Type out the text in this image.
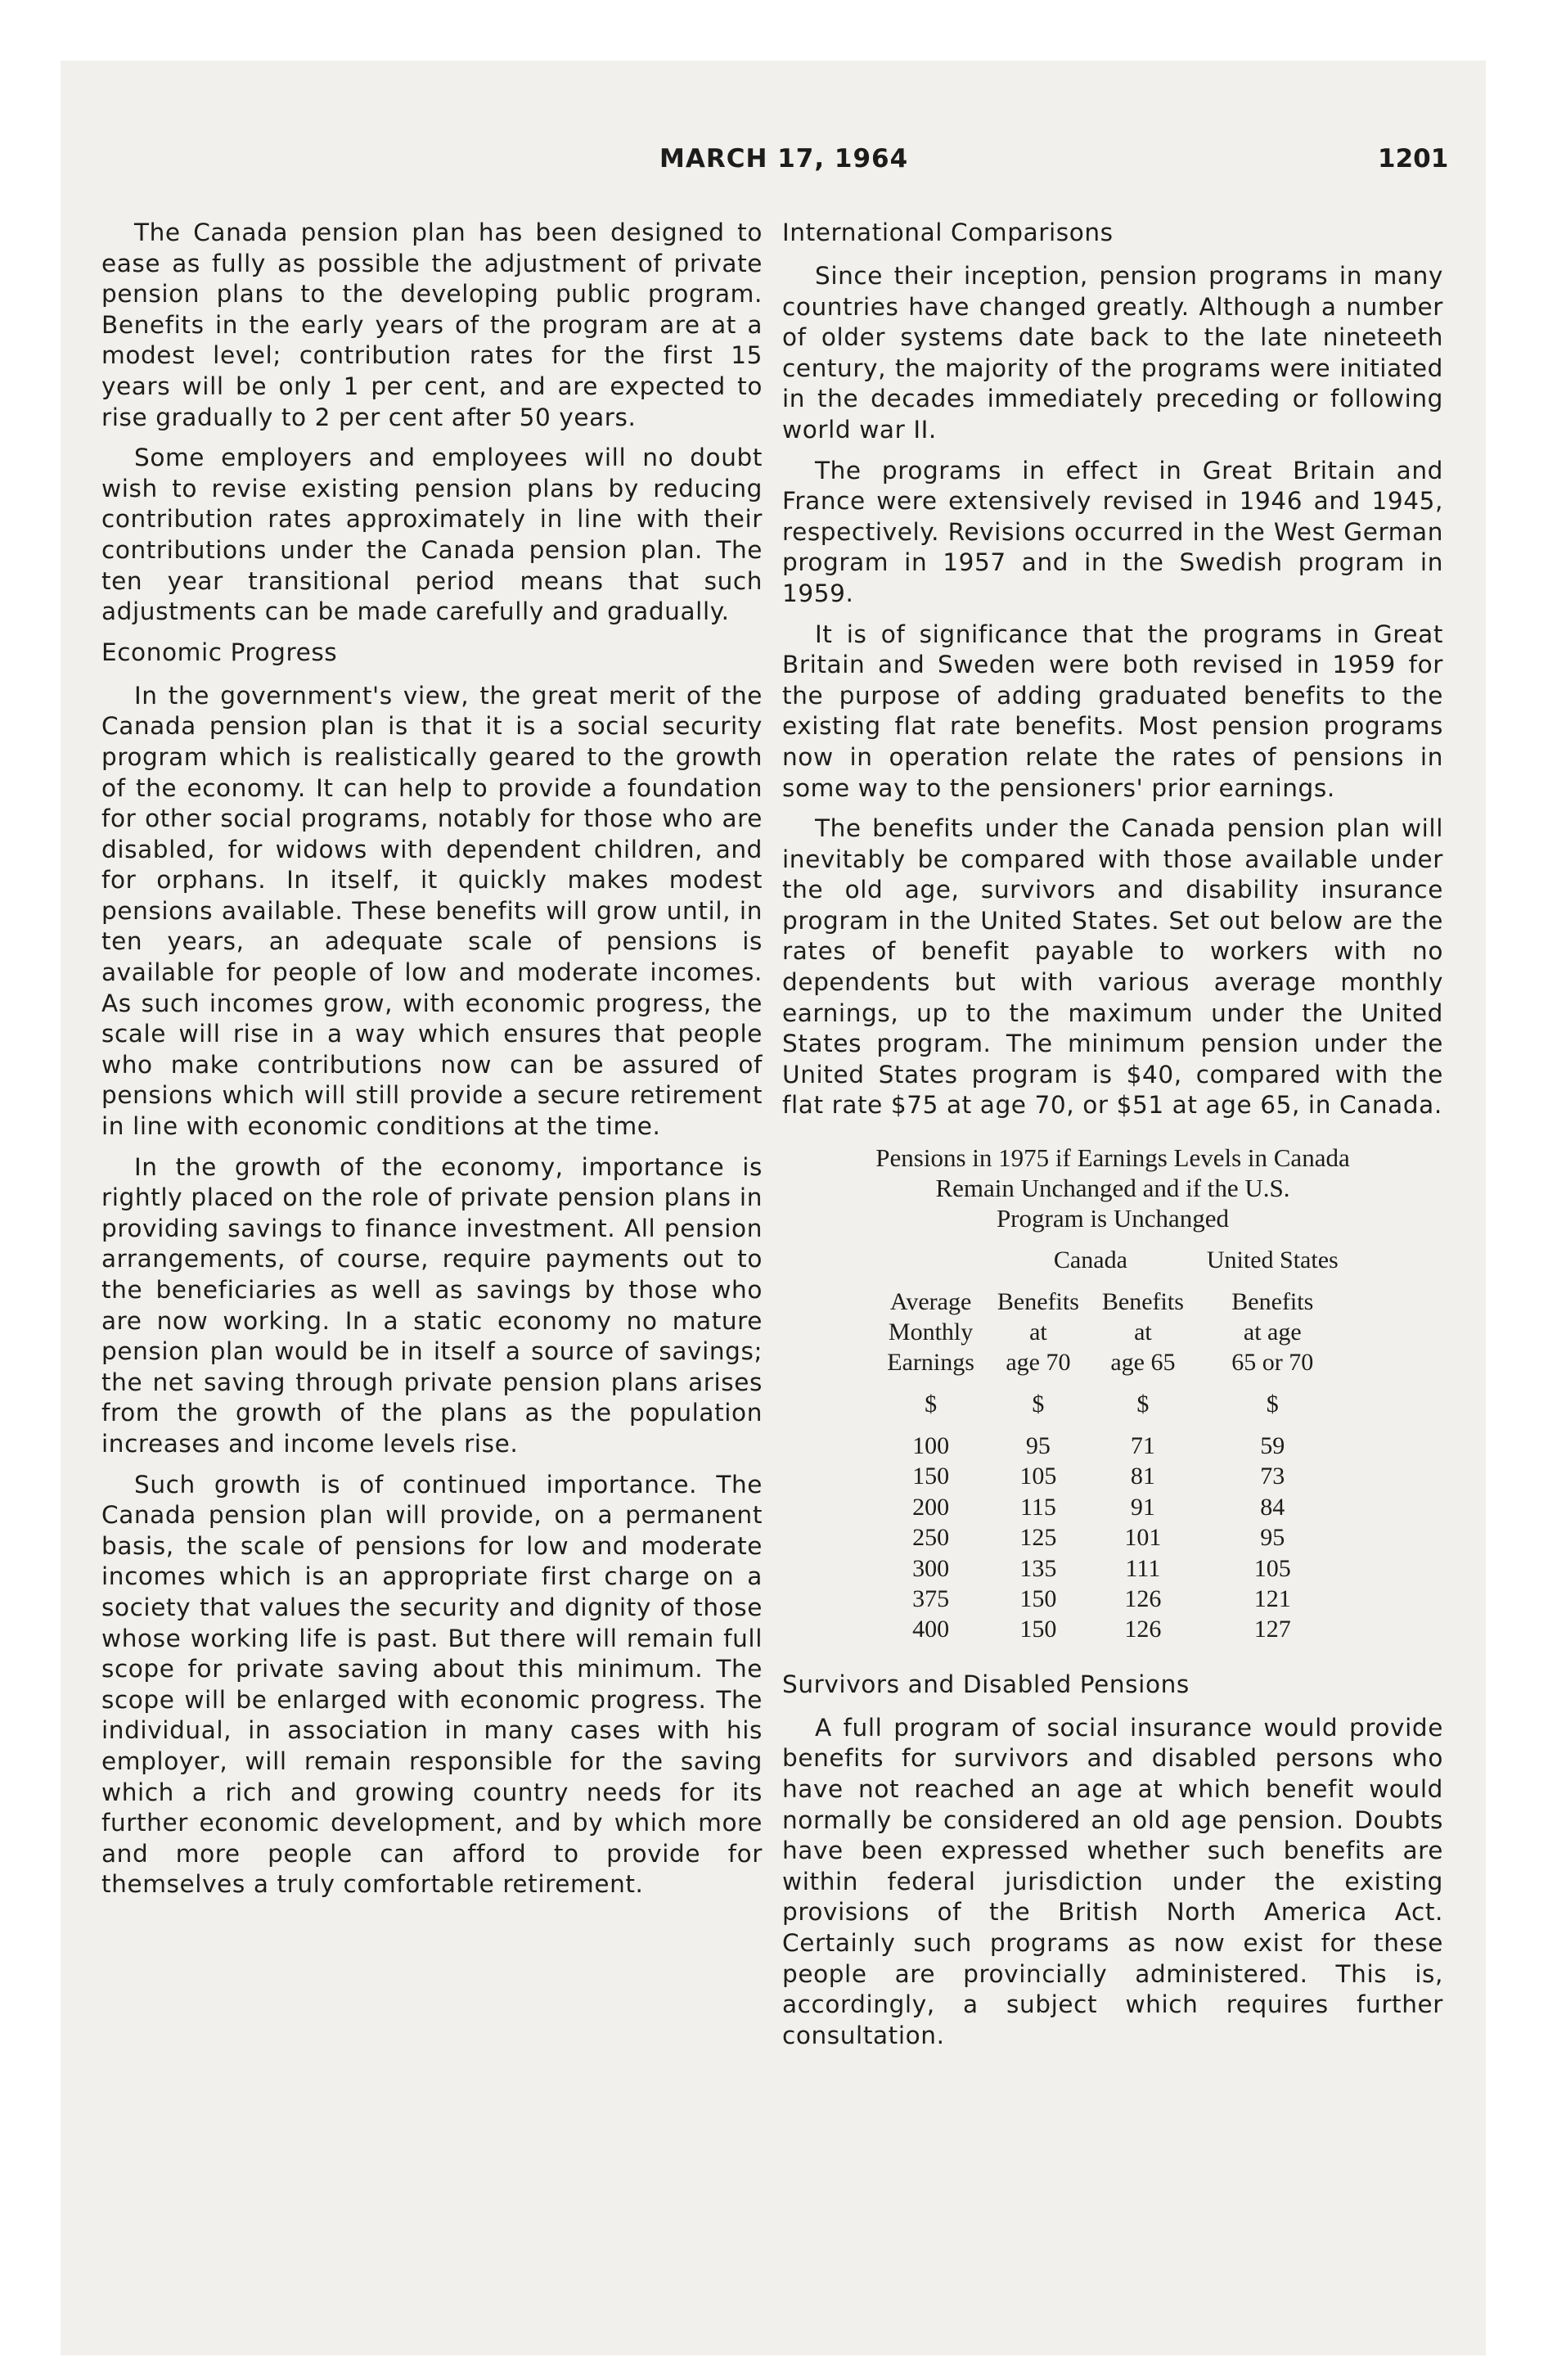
MARCH 17, 1964	1201

The Canada pension plan has been designed to ease as fully as possible the adjustment of private pension plans to the developing public program. Benefits in the early years of the program are at a modest level; contribution rates for the first 15 years will be only 1 per cent, and are expected to rise gradually to 2 per cent after 50 years.

Some employers and employees will no doubt wish to revise existing pension plans by reducing contribution rates approximately in line with their contributions under the Canada pension plan. The ten year transitional period means that such adjustments can be made carefully and gradually.

Economic Progress

In the government's view, the great merit of the Canada pension plan is that it is a social security program which is realistically geared to the growth of the economy. It can help to provide a foundation for other social programs, notably for those who are disabled, for widows with dependent children, and for orphans. In itself, it quickly makes modest pensions available. These benefits will grow until, in ten years, an adequate scale of pensions is available for people of low and moderate incomes. As such incomes grow, with economic progress, the scale will rise in a way which ensures that people who make contributions now can be assured of pensions which will still provide a secure retirement in line with economic conditions at the time.

In the growth of the economy, importance is rightly placed on the role of private pension plans in providing savings to finance investment. All pension arrangements, of course, require payments out to the beneficiaries as well as savings by those who are now working. In a static economy no mature pension plan would be in itself a source of savings; the net saving through private pension plans arises from the growth of the plans as the population increases and income levels rise.

Such growth is of continued importance. The Canada pension plan will provide, on a permanent basis, the scale of pensions for low and moderate incomes which is an appropriate first charge on a society that values the security and dignity of those whose working life is past. But there will remain full scope for private saving about this minimum. The scope will be enlarged with economic progress. The individual, in association in many cases with his employer, will remain responsible for the saving which a rich and growing country needs for its further economic development, and by which more and more people can afford to provide for themselves a truly comfortable retirement.

International Comparisons

Since their inception, pension programs in many countries have changed greatly. Although a number of older systems date back to the late nineteeth century, the majority of the programs were initiated in the decades immediately preceding or following world war II.

The programs in effect in Great Britain and France were extensively revised in 1946 and 1945, respectively. Revisions occurred in the West German program in 1957 and in the Swedish program in 1959.

It is of significance that the programs in Great Britain and Sweden were both revised in 1959 for the purpose of adding graduated benefits to the existing flat rate benefits. Most pension programs now in operation relate the rates of pensions in some way to the pensioners' prior earnings.

The benefits under the Canada pension plan will inevitably be compared with those available under the old age, survivors and disability insurance program in the United States. Set out below are the rates of benefit payable to workers with no dependents but with various average monthly earnings, up to the maximum under the United States program. The minimum pension under the United States program is $40, compared with the flat rate $75 at age 70, or $51 at age 65, in Canada.

Pensions in 1975 if Earnings Levels in Canada
Remain Unchanged and if the U.S.
Program is Unchanged
	Canada		United States

Average	Benefits	Benefits	Benefits
Monthly	at	at	at age
Earnings	age 70	age 65	65 or 70

$	$	$	$

100	95	71	59
150	105	81	73
200	115	91	84
250	125	101	95
300	135	111	105
375	150	126	121
400	150	126	127
Survivors and Disabled Pensions

A full program of social insurance would provide benefits for survivors and disabled persons who have not reached an age at which benefit would normally be considered an old age pension. Doubts have been expressed whether such benefits are within federal jurisdiction under the existing provisions of the British North America Act. Certainly such programs as now exist for these people are provincially administered. This is, accordingly, a subject which requires further consultation.
